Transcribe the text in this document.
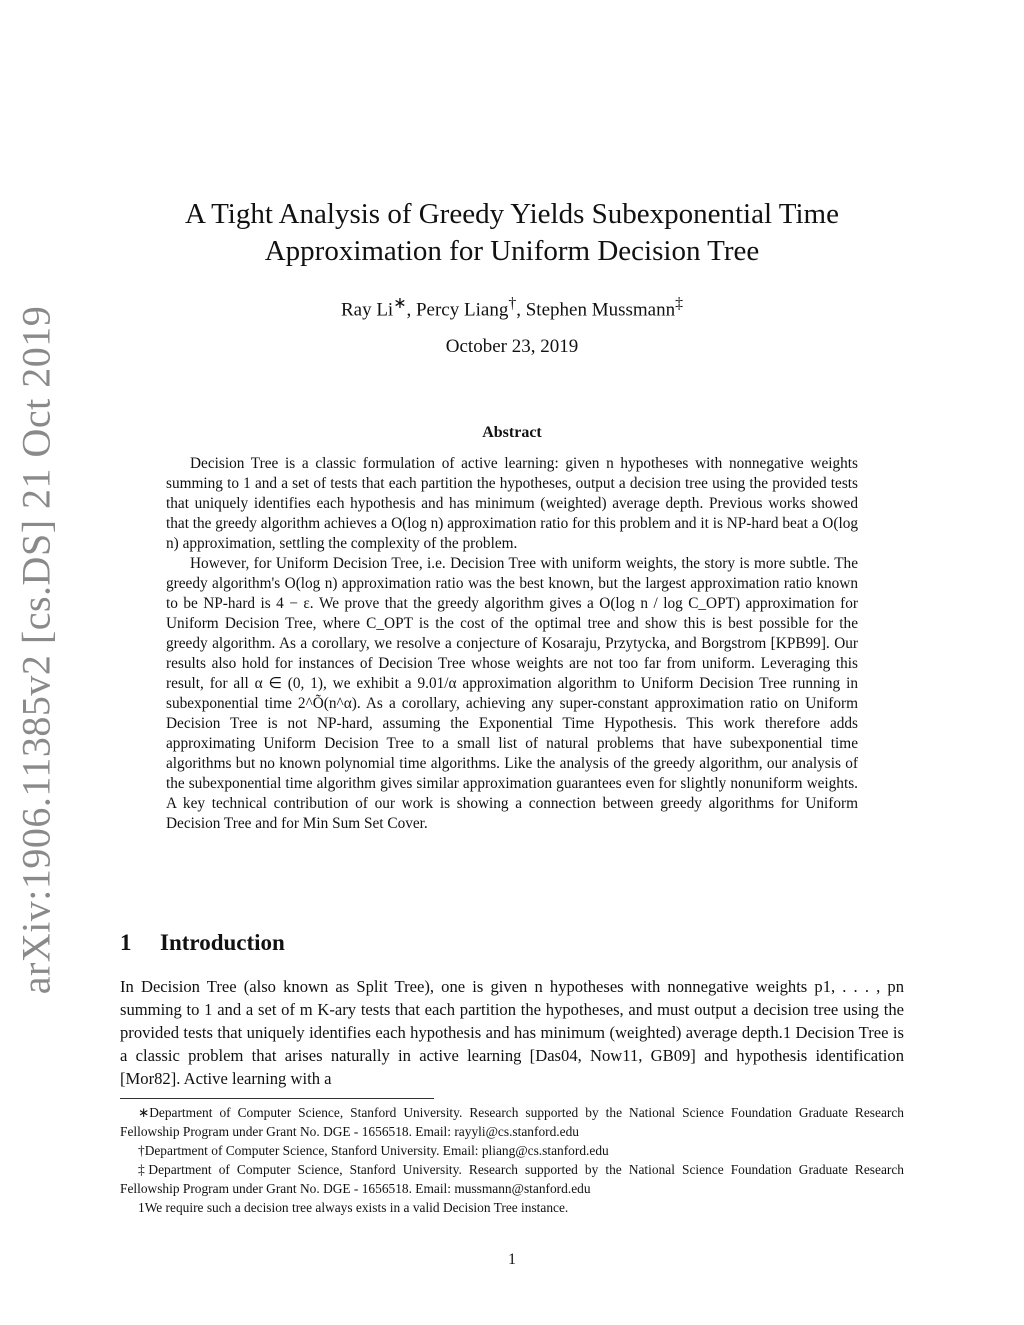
arXiv:1906.11385v2 [cs.DS] 21 Oct 2019
A Tight Analysis of Greedy Yields Subexponential Time
Approximation for Uniform Decision Tree
Ray Li∗, Percy Liang†, Stephen Mussmann‡
October 23, 2019
Abstract

Decision Tree is a classic formulation of active learning: given n hypotheses with nonnegative weights summing to 1 and a set of tests that each partition the hypotheses, output a decision tree using the provided tests that uniquely identifies each hypothesis and has minimum (weighted) average depth. Previous works showed that the greedy algorithm achieves a O(log n) approximation ratio for this problem and it is NP-hard beat a O(log n) approximation, settling the complexity of the problem.

However, for Uniform Decision Tree, i.e. Decision Tree with uniform weights, the story is more subtle. The greedy algorithm's O(log n) approximation ratio was the best known, but the largest approximation ratio known to be NP-hard is 4 − ε. We prove that the greedy algorithm gives a O(log n / log C_OPT) approximation for Uniform Decision Tree, where C_OPT is the cost of the optimal tree and show this is best possible for the greedy algorithm. As a corollary, we resolve a conjecture of Kosaraju, Przytycka, and Borgstrom [KPB99]. Our results also hold for instances of Decision Tree whose weights are not too far from uniform. Leveraging this result, for all α ∈ (0, 1), we exhibit a 9.01/α approximation algorithm to Uniform Decision Tree running in subexponential time 2^Õ(n^α). As a corollary, achieving any super-constant approximation ratio on Uniform Decision Tree is not NP-hard, assuming the Exponential Time Hypothesis. This work therefore adds approximating Uniform Decision Tree to a small list of natural problems that have subexponential time algorithms but no known polynomial time algorithms. Like the analysis of the greedy algorithm, our analysis of the subexponential time algorithm gives similar approximation guarantees even for slightly nonuniform weights. A key technical contribution of our work is showing a connection between greedy algorithms for Uniform Decision Tree and for Min Sum Set Cover.

1 Introduction

In Decision Tree (also known as Split Tree), one is given n hypotheses with nonnegative weights p1, . . . , pn summing to 1 and a set of m K-ary tests that each partition the hypotheses, and must output a decision tree using the provided tests that uniquely identifies each hypothesis and has minimum (weighted) average depth.1 Decision Tree is a classic problem that arises naturally in active learning [Das04, Now11, GB09] and hypothesis identification [Mor82]. Active learning with a

∗Department of Computer Science, Stanford University. Research supported by the National Science Foundation Graduate Research Fellowship Program under Grant No. DGE - 1656518. Email: rayyli@cs.stanford.edu

†Department of Computer Science, Stanford University. Email: pliang@cs.stanford.edu

‡Department of Computer Science, Stanford University. Research supported by the National Science Foundation Graduate Research Fellowship Program under Grant No. DGE - 1656518. Email: mussmann@stanford.edu

1We require such a decision tree always exists in a valid Decision Tree instance.

1
